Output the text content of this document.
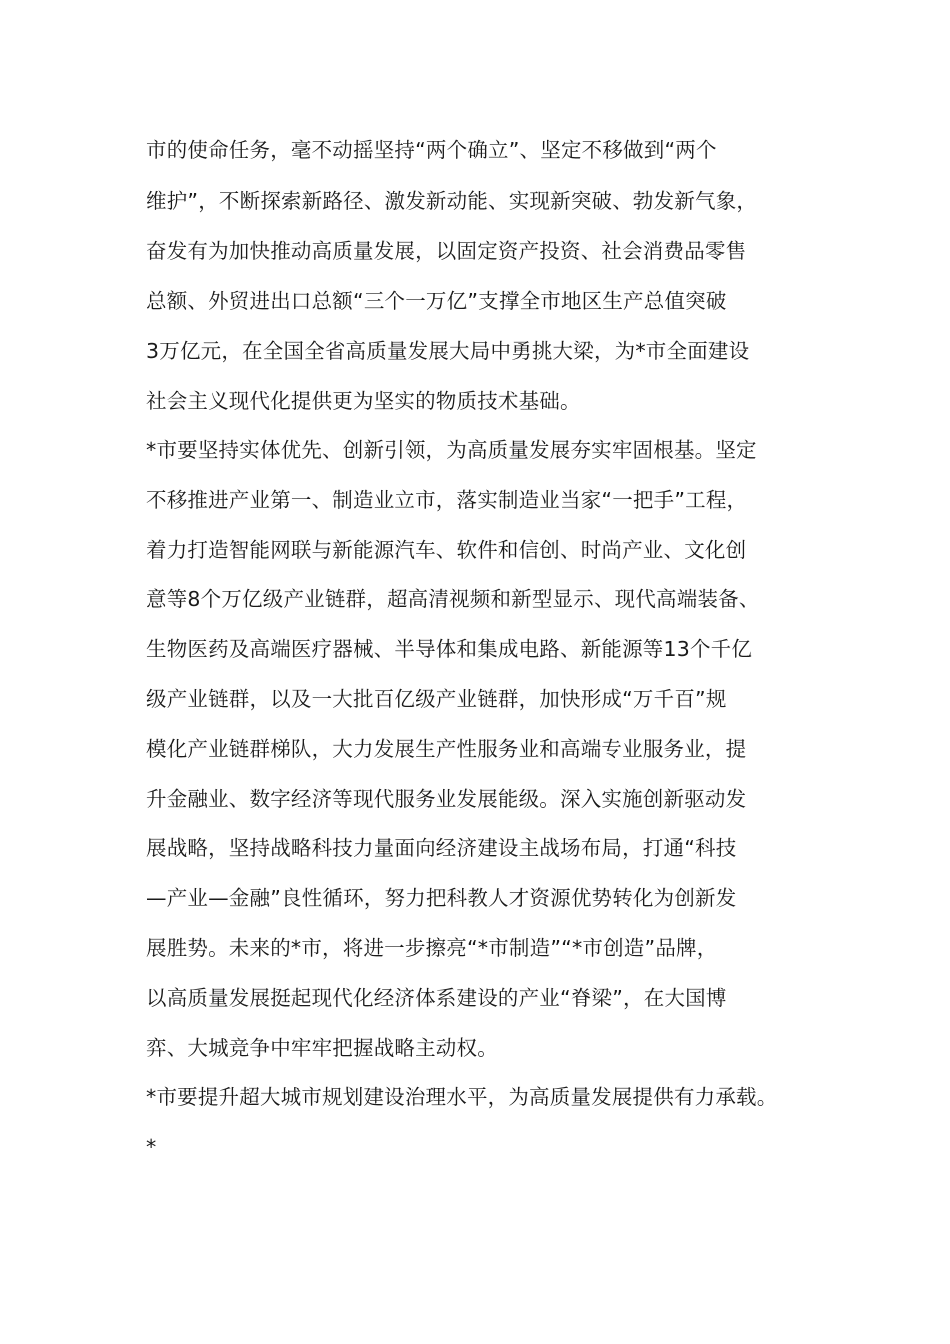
市的使命任务，毫不动摇坚持“两个确立”、坚定不移做到“两个
维护”，不断探索新路径、激发新动能、实现新突破、勃发新气象，
奋发有为加快推动高质量发展，以固定资产投资、社会消费品零售
总额、外贸进出口总额“三个一万亿”支撑全市地区生产总值突破
3万亿元，在全国全省高质量发展大局中勇挑大梁，为*市全面建设
社会主义现代化提供更为坚实的物质技术基础。
*市要坚持实体优先、创新引领，为高质量发展夯实牢固根基。坚定
不移推进产业第一、制造业立市，落实制造业当家“一把手”工程，
着力打造智能网联与新能源汽车、软件和信创、时尚产业、文化创
意等8个万亿级产业链群，超高清视频和新型显示、现代高端装备、
生物医药及高端医疗器械、半导体和集成电路、新能源等13个千亿
级产业链群，以及一大批百亿级产业链群，加快形成“万千百”规
模化产业链群梯队，大力发展生产性服务业和高端专业服务业，提
升金融业、数字经济等现代服务业发展能级。深入实施创新驱动发
展战略，坚持战略科技力量面向经济建设主战场布局，打通“科技
—产业—金融”良性循环，努力把科教人才资源优势转化为创新发
展胜势。未来的*市，将进一步擦亮“*市制造”“*市创造”品牌，
以高质量发展挺起现代化经济体系建设的产业“脊梁”，在大国博
弈、大城竞争中牢牢把握战略主动权。
*市要提升超大城市规划建设治理水平，为高质量发展提供有力承载。
*
